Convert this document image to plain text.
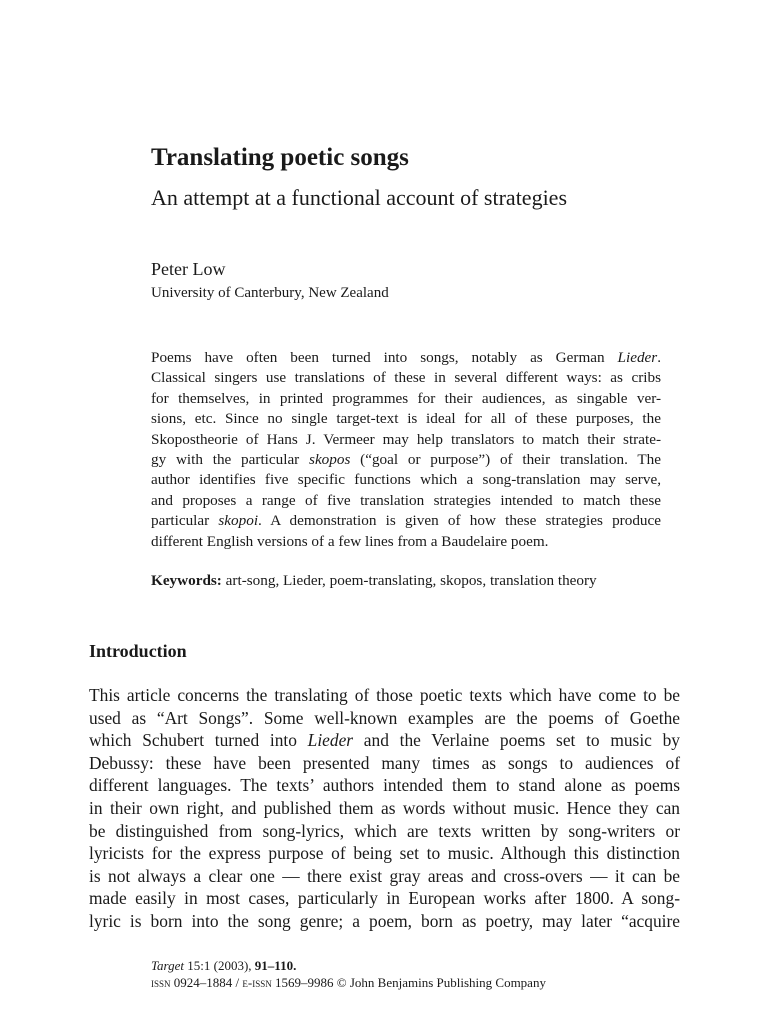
Translating poetic songs
An attempt at a functional account of strategies
Peter Low
University of Canterbury, New Zealand
Poems have often been turned into songs, notably as German Lieder.
Classical singers use translations of these in several different ways: as cribs
for themselves, in printed programmes for their audiences, as singable ver-
sions, etc. Since no single target-text is ideal for all of these purposes, the
Skopostheorie of Hans J. Vermeer may help translators to match their strate-
gy with the particular skopos (“goal or purpose”) of their translation. The
author identifies five specific functions which a song-translation may serve,
and proposes a range of five translation strategies intended to match these
particular skopoi. A demonstration is given of how these strategies produce
different English versions of a few lines from a Baudelaire poem.
Keywords: art-song, Lieder, poem-translating, skopos, translation theory
Introduction
This article concerns the translating of those poetic texts which have come to be
used as “Art Songs”. Some well-known examples are the poems of Goethe
which Schubert turned into Lieder and the Verlaine poems set to music by
Debussy: these have been presented many times as songs to audiences of
different languages. The texts’ authors intended them to stand alone as poems
in their own right, and published them as words without music. Hence they can
be distinguished from song-lyrics, which are texts written by song-writers or
lyricists for the express purpose of being set to music. Although this distinction
is not always a clear one — there exist gray areas and cross-overs — it can be
made easily in most cases, particularly in European works after 1800. A song-
lyric is born into the song genre; a poem, born as poetry, may later “acquire
Target 15:1 (2003), 91–110.
issn 0924–1884 / e-issn 1569–9986 © John Benjamins Publishing Company
